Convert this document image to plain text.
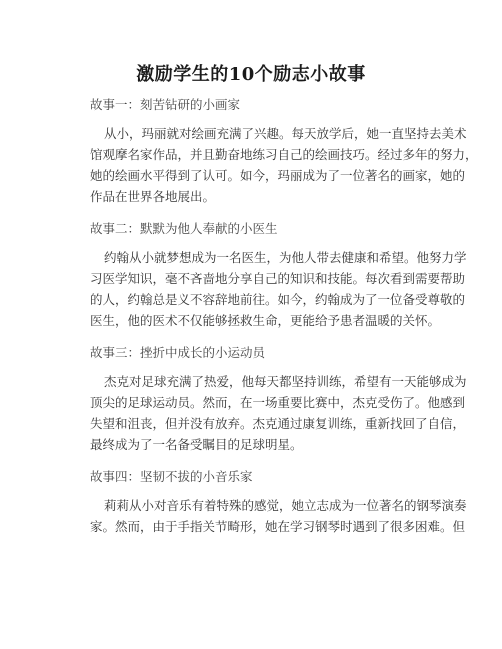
激励学生的10个励志小故事
故事一：刻苦钻研的小画家
从小，玛丽就对绘画充满了兴趣。每天放学后，她一直坚持去美术
馆观摩名家作品，并且勤奋地练习自己的绘画技巧。经过多年的努力，
她的绘画水平得到了认可。如今，玛丽成为了一位著名的画家，她的
作品在世界各地展出。
故事二：默默为他人奉献的小医生
约翰从小就梦想成为一名医生，为他人带去健康和希望。他努力学
习医学知识，毫不吝啬地分享自己的知识和技能。每次看到需要帮助
的人，约翰总是义不容辞地前往。如今，约翰成为了一位备受尊敬的
医生，他的医术不仅能够拯救生命，更能给予患者温暖的关怀。
故事三：挫折中成长的小运动员
杰克对足球充满了热爱，他每天都坚持训练，希望有一天能够成为
顶尖的足球运动员。然而，在一场重要比赛中，杰克受伤了。他感到
失望和沮丧，但并没有放弃。杰克通过康复训练，重新找回了自信，
最终成为了一名备受瞩目的足球明星。
故事四：坚韧不拔的小音乐家
莉莉从小对音乐有着特殊的感觉，她立志成为一位著名的钢琴演奏
家。然而，由于手指关节畸形，她在学习钢琴时遇到了很多困难。但
